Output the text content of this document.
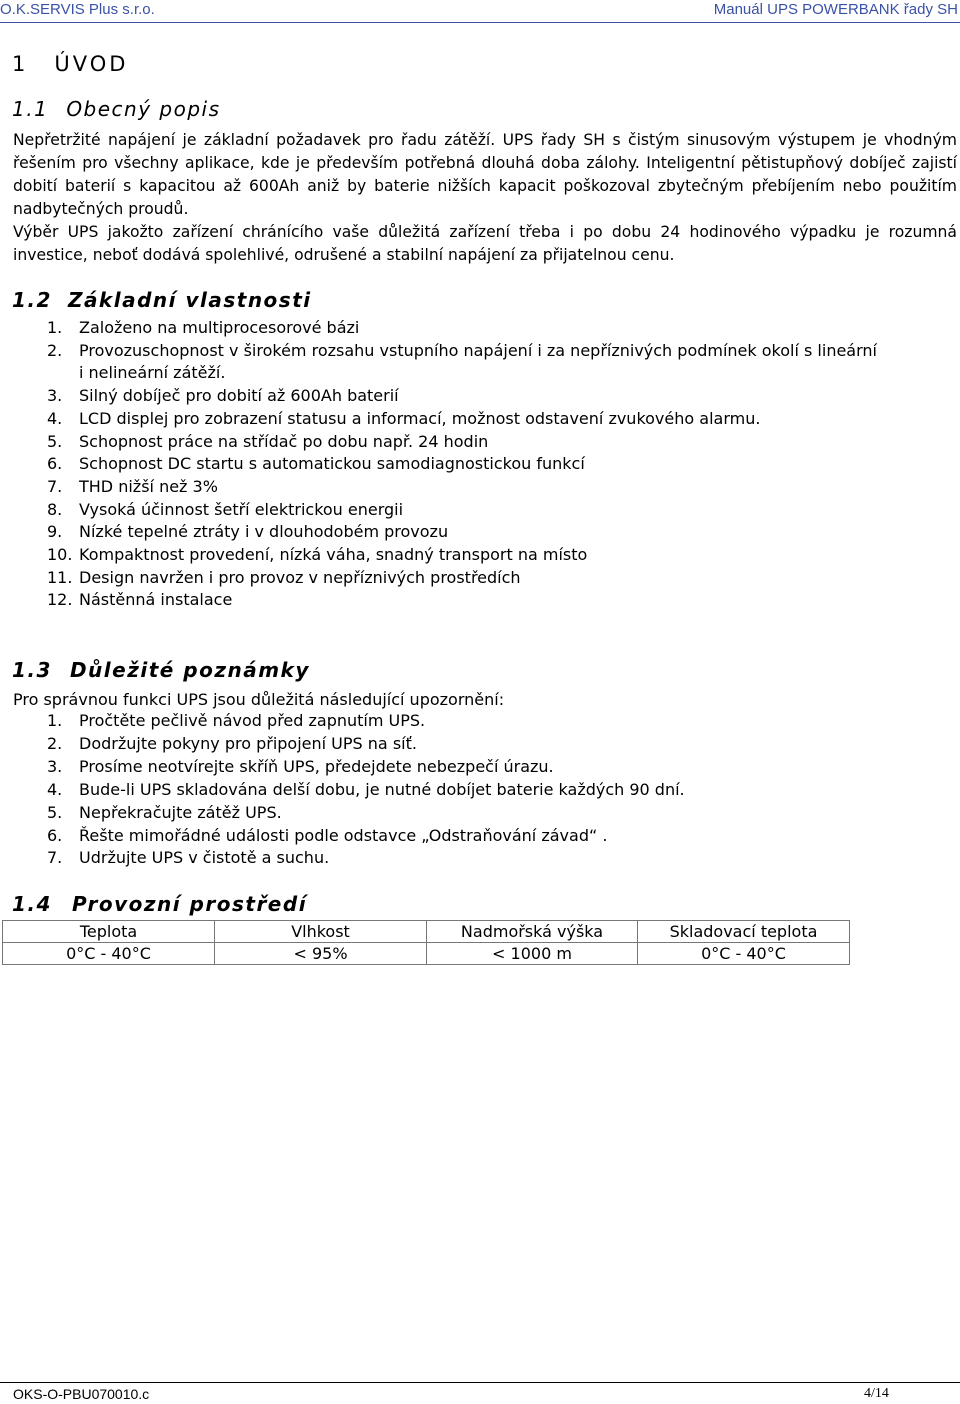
O.K.SERVIS Plus s.r.o.	Manuál UPS POWERBANK řady SH
1 ÚVOD
1.1 Obecný popis
Nepřetržité napájení je základní požadavek pro řadu zátěží. UPS řady SH s čistým sinusovým výstupem je vhodným řešením pro všechny aplikace, kde je především potřebná dlouhá doba zálohy. Inteligentní pětistupňový dobíječ zajistí dobití baterií s kapacitou až 600Ah aniž by baterie nižších kapacit poškozoval zbytečným přebíjením nebo použitím nadbytečných proudů.
Výběr UPS jakožto zařízení chránícího vaše důležitá zařízení třeba i po dobu 24 hodinového výpadku je rozumná investice, neboť dodává spolehlivé, odrušené a stabilní napájení za přijatelnou cenu.
1.2 Základní vlastnosti
1. Založeno na multiprocesorové bázi
2. Provozuschopnost v širokém rozsahu vstupního napájení i za nepříznivých podmínek okolí s lineární
i nelineární zátěží.
3. Silný dobíječ pro dobití až 600Ah baterií
4. LCD displej pro zobrazení statusu a informací, možnost odstavení zvukového alarmu.
5. Schopnost práce na střídač po dobu např. 24 hodin
6. Schopnost DC startu s automatickou samodiagnostickou funkcí
7. THD nižší než 3%
8. Vysoká účinnost šetří elektrickou energii
9. Nízké tepelné ztráty i v dlouhodobém provozu
10. Kompaktnost provedení, nízká váha, snadný transport na místo
11. Design navržen i pro provoz v nepříznivých prostředích
12. Nástěnná instalace
1.3 Důležité poznámky
Pro správnou funkci UPS jsou důležitá následující upozornění:
1. Pročtěte pečlivě návod před zapnutím UPS.
2. Dodržujte pokyny pro připojení UPS na síť.
3. Prosíme neotvírejte skříň UPS, předejdete nebezpečí úrazu.
4. Bude-li UPS skladována delší dobu, je nutné dobíjet baterie každých 90 dní.
5. Nepřekračujte zátěž UPS.
6. Řešte mimořádné události podle odstavce „Odstraňování závad“ .
7. Udržujte UPS v čistotě a suchu.
1.4 Provozní prostředí
Teplota	Vlhkost	Nadmořská výška	Skladovací teplota
0°C - 40°C	< 95%	< 1000 m	0°C - 40°C
OKS-O-PBU070010.c	4/14
